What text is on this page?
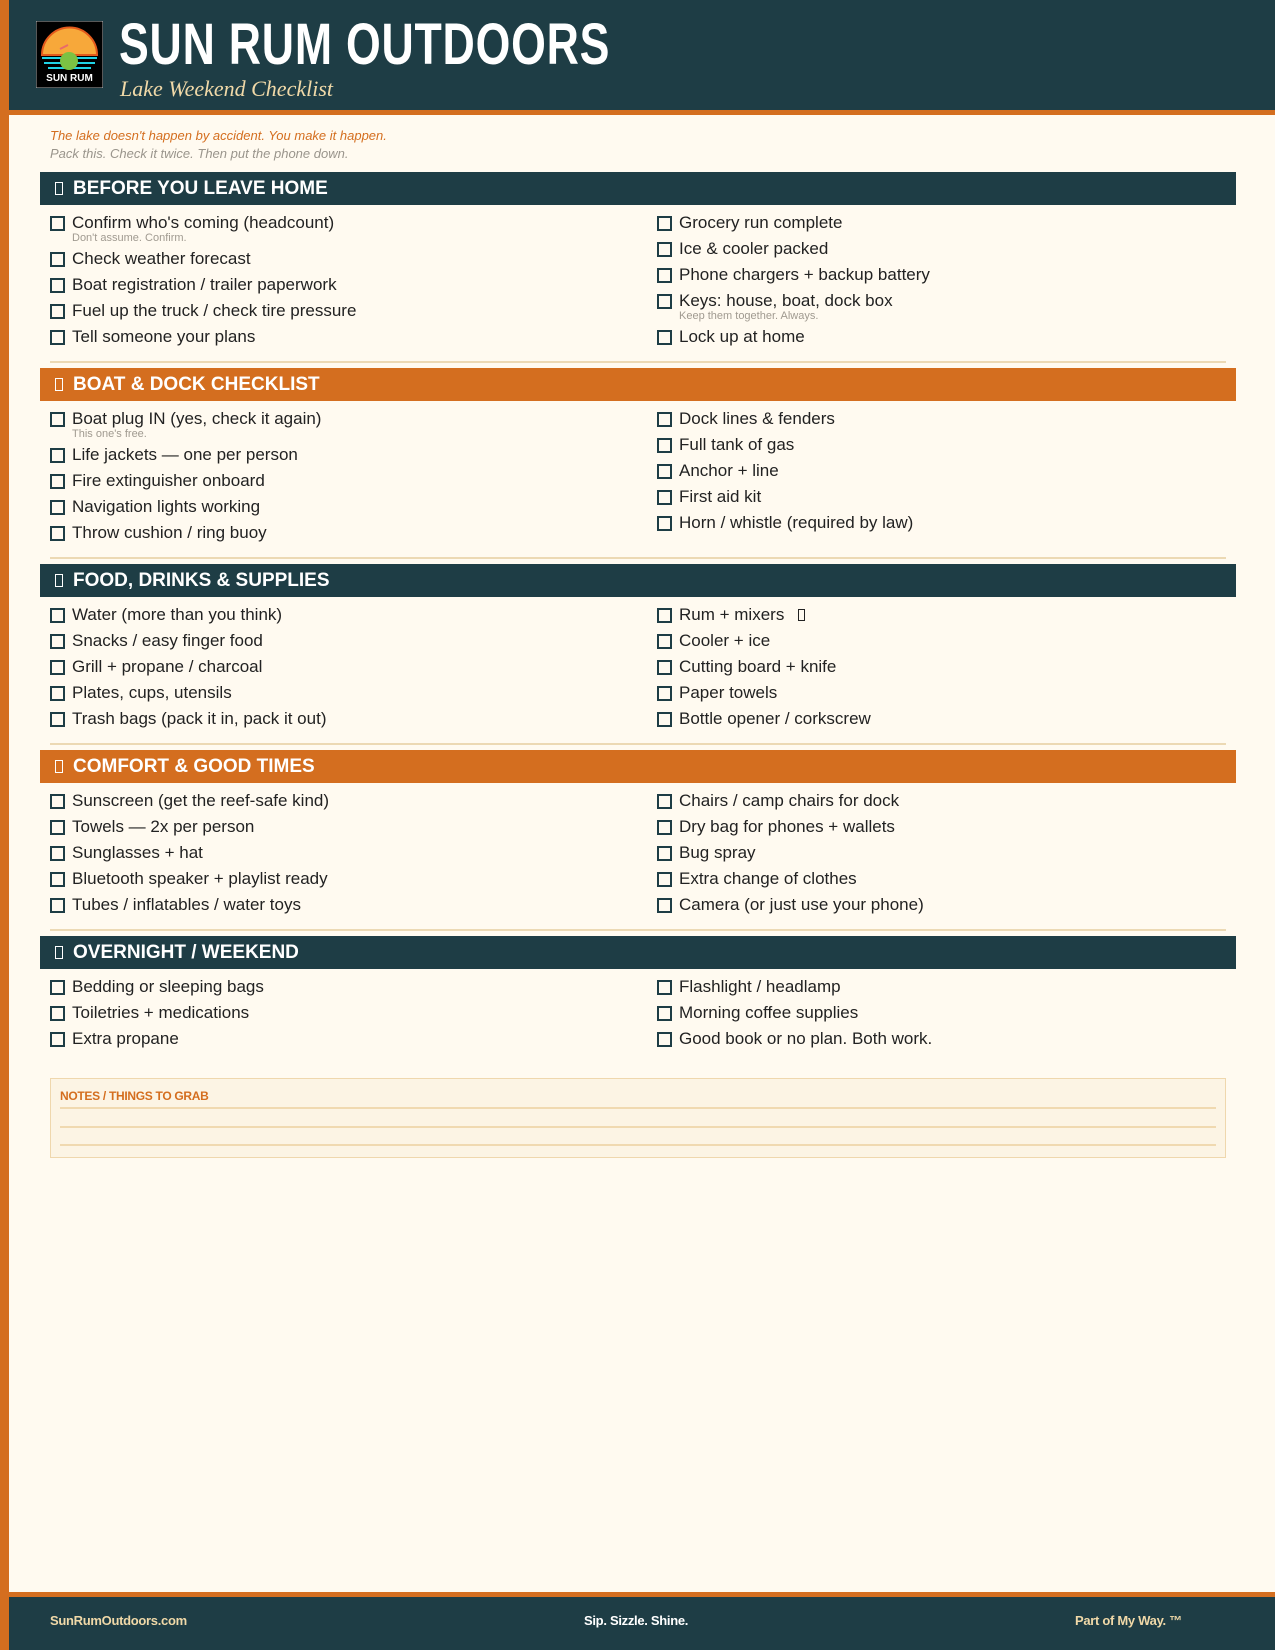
SUN RUM
SUN RUM OUTDOORS
Lake Weekend Checklist
The lake doesn't happen by accident. You make it happen.
Pack this. Check it twice. Then put the phone down.
BEFORE YOU LEAVE HOME
Confirm who's coming (headcount)
Don't assume. Confirm.
Check weather forecast
Boat registration / trailer paperwork
Fuel up the truck / check tire pressure
Tell someone your plans
Grocery run complete
Ice & cooler packed
Phone chargers + backup battery
Keys: house, boat, dock box
Keep them together. Always.
Lock up at home
BOAT & DOCK CHECKLIST
Boat plug IN (yes, check it again)
This one's free.
Life jackets — one per person
Fire extinguisher onboard
Navigation lights working
Throw cushion / ring buoy
Dock lines & fenders
Full tank of gas
Anchor + line
First aid kit
Horn / whistle (required by law)
FOOD, DRINKS & SUPPLIES
Water (more than you think)
Snacks / easy finger food
Grill + propane / charcoal
Plates, cups, utensils
Trash bags (pack it in, pack it out)
Rum + mixers
Cooler + ice
Cutting board + knife
Paper towels
Bottle opener / corkscrew
COMFORT & GOOD TIMES
Sunscreen (get the reef-safe kind)
Towels — 2x per person
Sunglasses + hat
Bluetooth speaker + playlist ready
Tubes / inflatables / water toys
Chairs / camp chairs for dock
Dry bag for phones + wallets
Bug spray
Extra change of clothes
Camera (or just use your phone)
OVERNIGHT / WEEKEND
Bedding or sleeping bags
Toiletries + medications
Extra propane
Flashlight / headlamp
Morning coffee supplies
Good book or no plan. Both work.
NOTES / THINGS TO GRAB
SunRumOutdoors.com	Sip. Sizzle. Shine.	Part of My Way. ™
